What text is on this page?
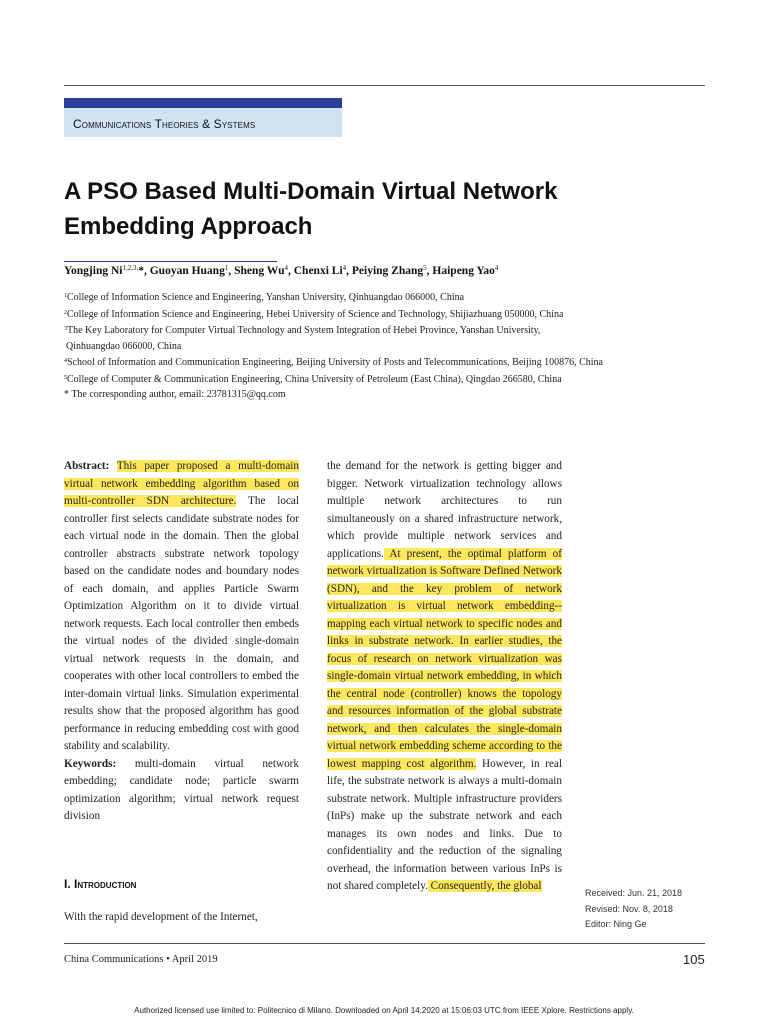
Communications Theories & Systems
A PSO Based Multi-Domain Virtual Network Embedding Approach
Yongjing $Ni^{1,2,3,}*$, Guoyan Huang$^1$, Sheng Wu$^4$, Chenxi Li$^4$, Peiying Zhang$^5$, Haipeng Yao$^4$
$^1$College of Information Science and Engineering, Yanshan University, Qinhuangdao 066000, China
$^2$College of Information Science and Engineering, Hebei University of Science and Technology, Shijiazhuang 050000, China
$^3$The Key Laboratory for Computer Virtual Technology and System Integration of Hebei Province, Yanshan University,
Qinhuangdao 066000, China
$^4$School of Information and Communication Engineering, Beijing University of Posts and Telecommunications, Beijing 100876, China
$^5$College of Computer & Communication Engineering, China University of Petroleum (East China), Qingdao 266580, China
* The corresponding author, email: 23781315@qq.com
Abstract: This paper proposed a multi-domain virtual network embedding algorithm based on multi-controller SDN architecture. The local controller first selects candidate substrate nodes for each virtual node in the domain. Then the global controller abstracts substrate network topology based on the candidate nodes and boundary nodes of each domain, and applies Particle Swarm Optimization Algorithm on it to divide virtual network requests. Each local controller then embeds the virtual nodes of the divided single-domain virtual network requests in the domain, and cooperates with other local controllers to embed the inter-domain virtual links. Simulation experimental results show that the proposed algorithm has good performance in reducing embedding cost with good stability and scalability.
Keywords: multi-domain virtual network embedding; candidate node; particle swarm optimization algorithm; virtual network request division
I. Introduction
With the rapid development of the Internet,
the demand for the network is getting bigger and bigger. Network virtualization technology allows multiple network architectures to run simultaneously on a shared infrastructure network, which provide multiple network services and applications. At present, the optimal platform of network virtualization is Software Defined Network (SDN), and the key problem of network virtualization is virtual network embedding-- mapping each virtual network to specific nodes and links in substrate network. In earlier studies, the focus of research on network virtualization was single-domain virtual network embedding, in which the central node (controller) knows the topology and resources information of the global substrate network, and then calculates the single-domain virtual network embedding scheme according to the lowest mapping cost algorithm. However, in real life, the substrate network is always a multi-domain substrate network. Multiple infrastructure providers (InPs) make up the substrate network and each manages its own nodes and links. Due to confidentiality and the reduction of the signaling overhead, the information between various InPs is not shared completely. Consequently, the global
Received: Jun. 21, 2018
Revised: Nov. 8, 2018
Editor: Ning Ge
China Communications • April 2019	105
Authorized licensed use limited to: Politecnico di Milano. Downloaded on April 14,2020 at 15:06:03 UTC from IEEE Xplore. Restrictions apply.
